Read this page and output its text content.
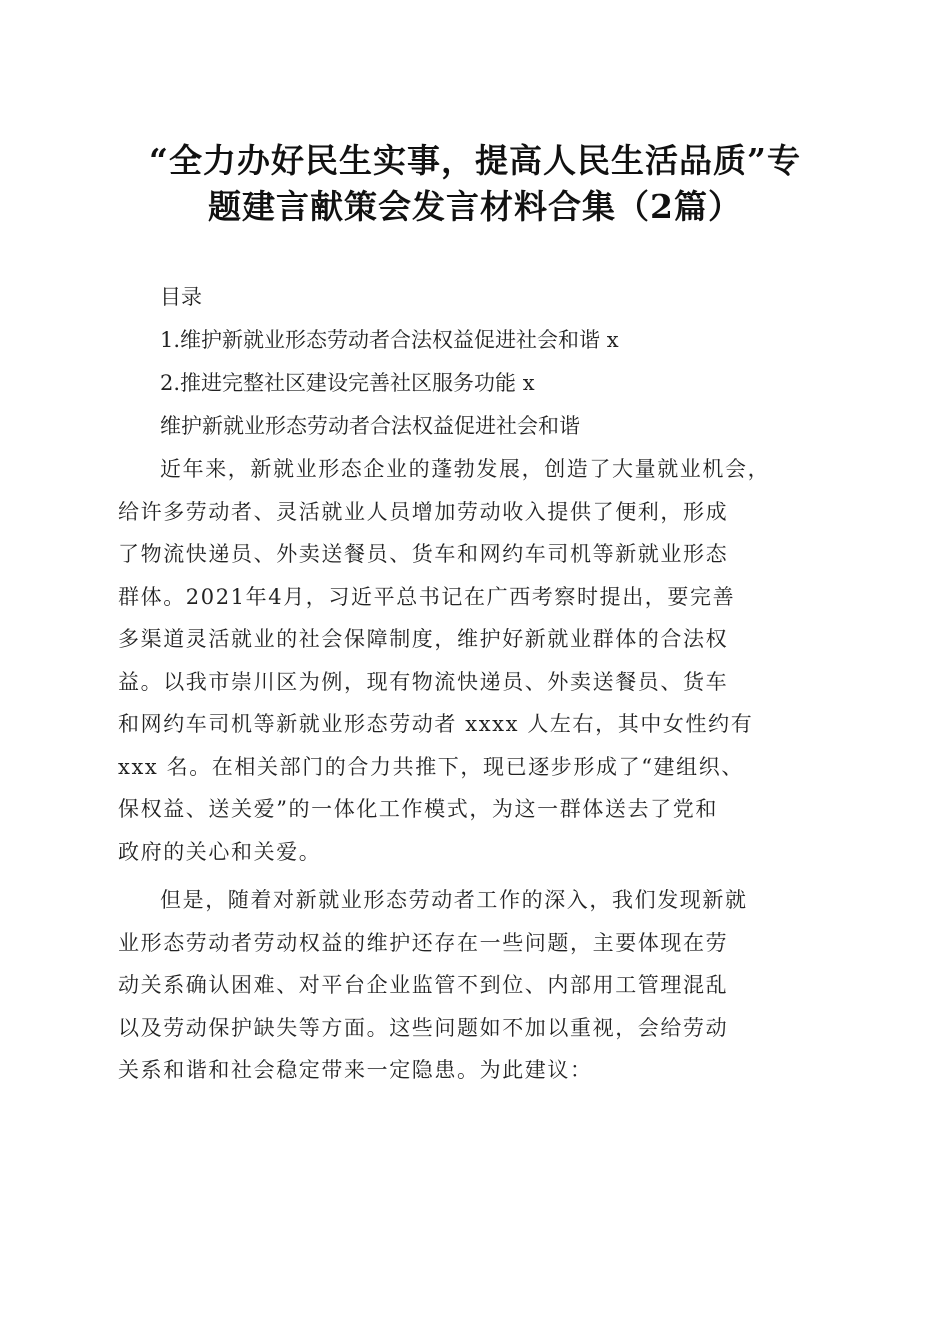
“全力办好民生实事，提高人民生活品质”专
题建言献策会发言材料合集（2篇）

目录

1.维护新就业形态劳动者合法权益促进社会和谐 x

2.推进完整社区建设完善社区服务功能 x

维护新就业形态劳动者合法权益促进社会和谐

近年来，新就业形态企业的蓬勃发展，创造了大量就业机会，
给许多劳动者、灵活就业人员增加劳动收入提供了便利，形成
了物流快递员、外卖送餐员、货车和网约车司机等新就业形态
群体。2021年4月，习近平总书记在广西考察时提出，要完善
多渠道灵活就业的社会保障制度，维护好新就业群体的合法权
益。以我市崇川区为例，现有物流快递员、外卖送餐员、货车
和网约车司机等新就业形态劳动者 xxxx 人左右，其中女性约有
xxx 名。在相关部门的合力共推下，现已逐步形成了“建组织、
保权益、送关爱”的一体化工作模式，为这一群体送去了党和
政府的关心和关爱。
但是，随着对新就业形态劳动者工作的深入，我们发现新就
业形态劳动者劳动权益的维护还存在一些问题，主要体现在劳
动关系确认困难、对平台企业监管不到位、内部用工管理混乱
以及劳动保护缺失等方面。这些问题如不加以重视，会给劳动
关系和谐和社会稳定带来一定隐患。为此建议：
